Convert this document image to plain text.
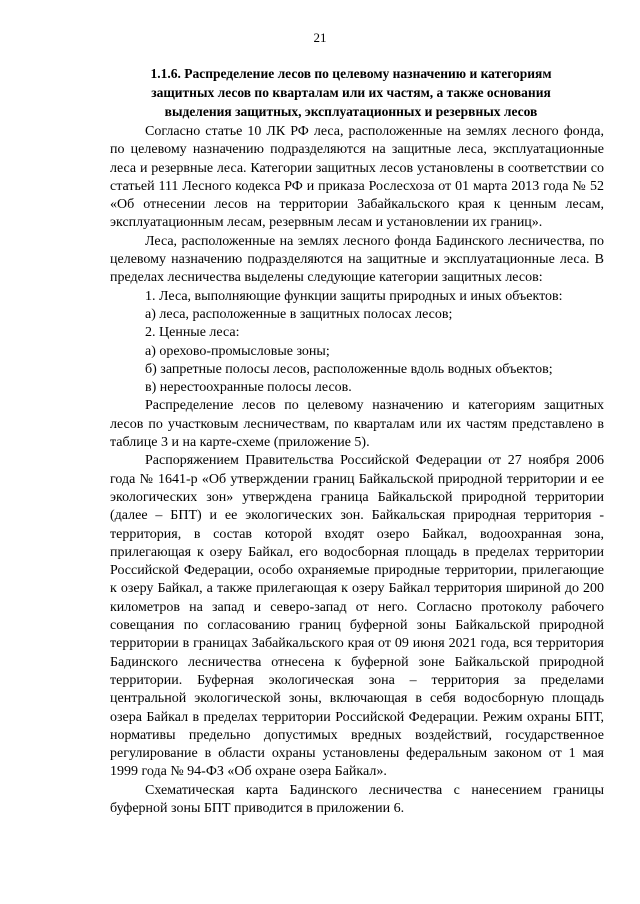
21
1.1.6. Распределение лесов по целевому назначению и категориям
защитных лесов по кварталам или их частям, а также основания
выделения защитных, эксплуатационных и резервных лесов

Согласно статье 10 ЛК РФ леса, расположенные на землях лесного фонда, по целевому назначению подразделяются на защитные леса, эксплуатационные леса и резервные леса. Категории защитных лесов установлены в соответствии со статьей 111 Лесного кодекса РФ и приказа Рослесхоза от 01 марта 2013 года № 52 «Об отнесении лесов на территории Забайкальского края к ценным лесам, эксплуатационным лесам, резервным лесам и установлении их границ».

Леса, расположенные на землях лесного фонда Бадинского лесничества, по целевому назначению подразделяются на защитные и эксплуатационные леса. В пределах лесничества выделены следующие категории защитных лесов:

1. Леса, выполняющие функции защиты природных и иных объектов:

а) леса, расположенные в защитных полосах лесов;

2. Ценные леса:

а) орехово-промысловые зоны;

б) запретные полосы лесов, расположенные вдоль водных объектов;

в) нерестоохранные полосы лесов.

Распределение лесов по целевому назначению и категориям защитных лесов по участковым лесничествам, по кварталам или их частям представлено в таблице 3 и на карте-схеме (приложение 5).

Распоряжением Правительства Российской Федерации от 27 ноября 2006 года № 1641-р «Об утверждении границ Байкальской природной территории и ее экологических зон» утверждена граница Байкальской природной территории (далее – БПТ) и ее экологических зон. Байкальская природная территория - территория, в состав которой входят озеро Байкал, водоохранная зона, прилегающая к озеру Байкал, его водосборная площадь в пределах территории Российской Федерации, особо охраняемые природные территории, прилегающие к озеру Байкал, а также прилегающая к озеру Байкал территория шириной до 200 километров на запад и северо-запад от него. Согласно протоколу рабочего совещания по согласованию границ буферной зоны Байкальской природной территории в границах Забайкальского края от 09 июня 2021 года, вся территория Бадинского лесничества отнесена к буферной зоне Байкальской природной территории. Буферная экологическая зона – территория за пределами центральной экологической зоны, включающая в себя водосборную площадь озера Байкал в пределах территории Российской Федерации. Режим охраны БПТ, нормативы предельно допустимых вредных воздействий, государственное регулирование в области охраны установлены федеральным законом от 1 мая 1999 года № 94-ФЗ «Об охране озера Байкал».

Схематическая карта Бадинского лесничества с нанесением границы буферной зоны БПТ приводится в приложении 6.
